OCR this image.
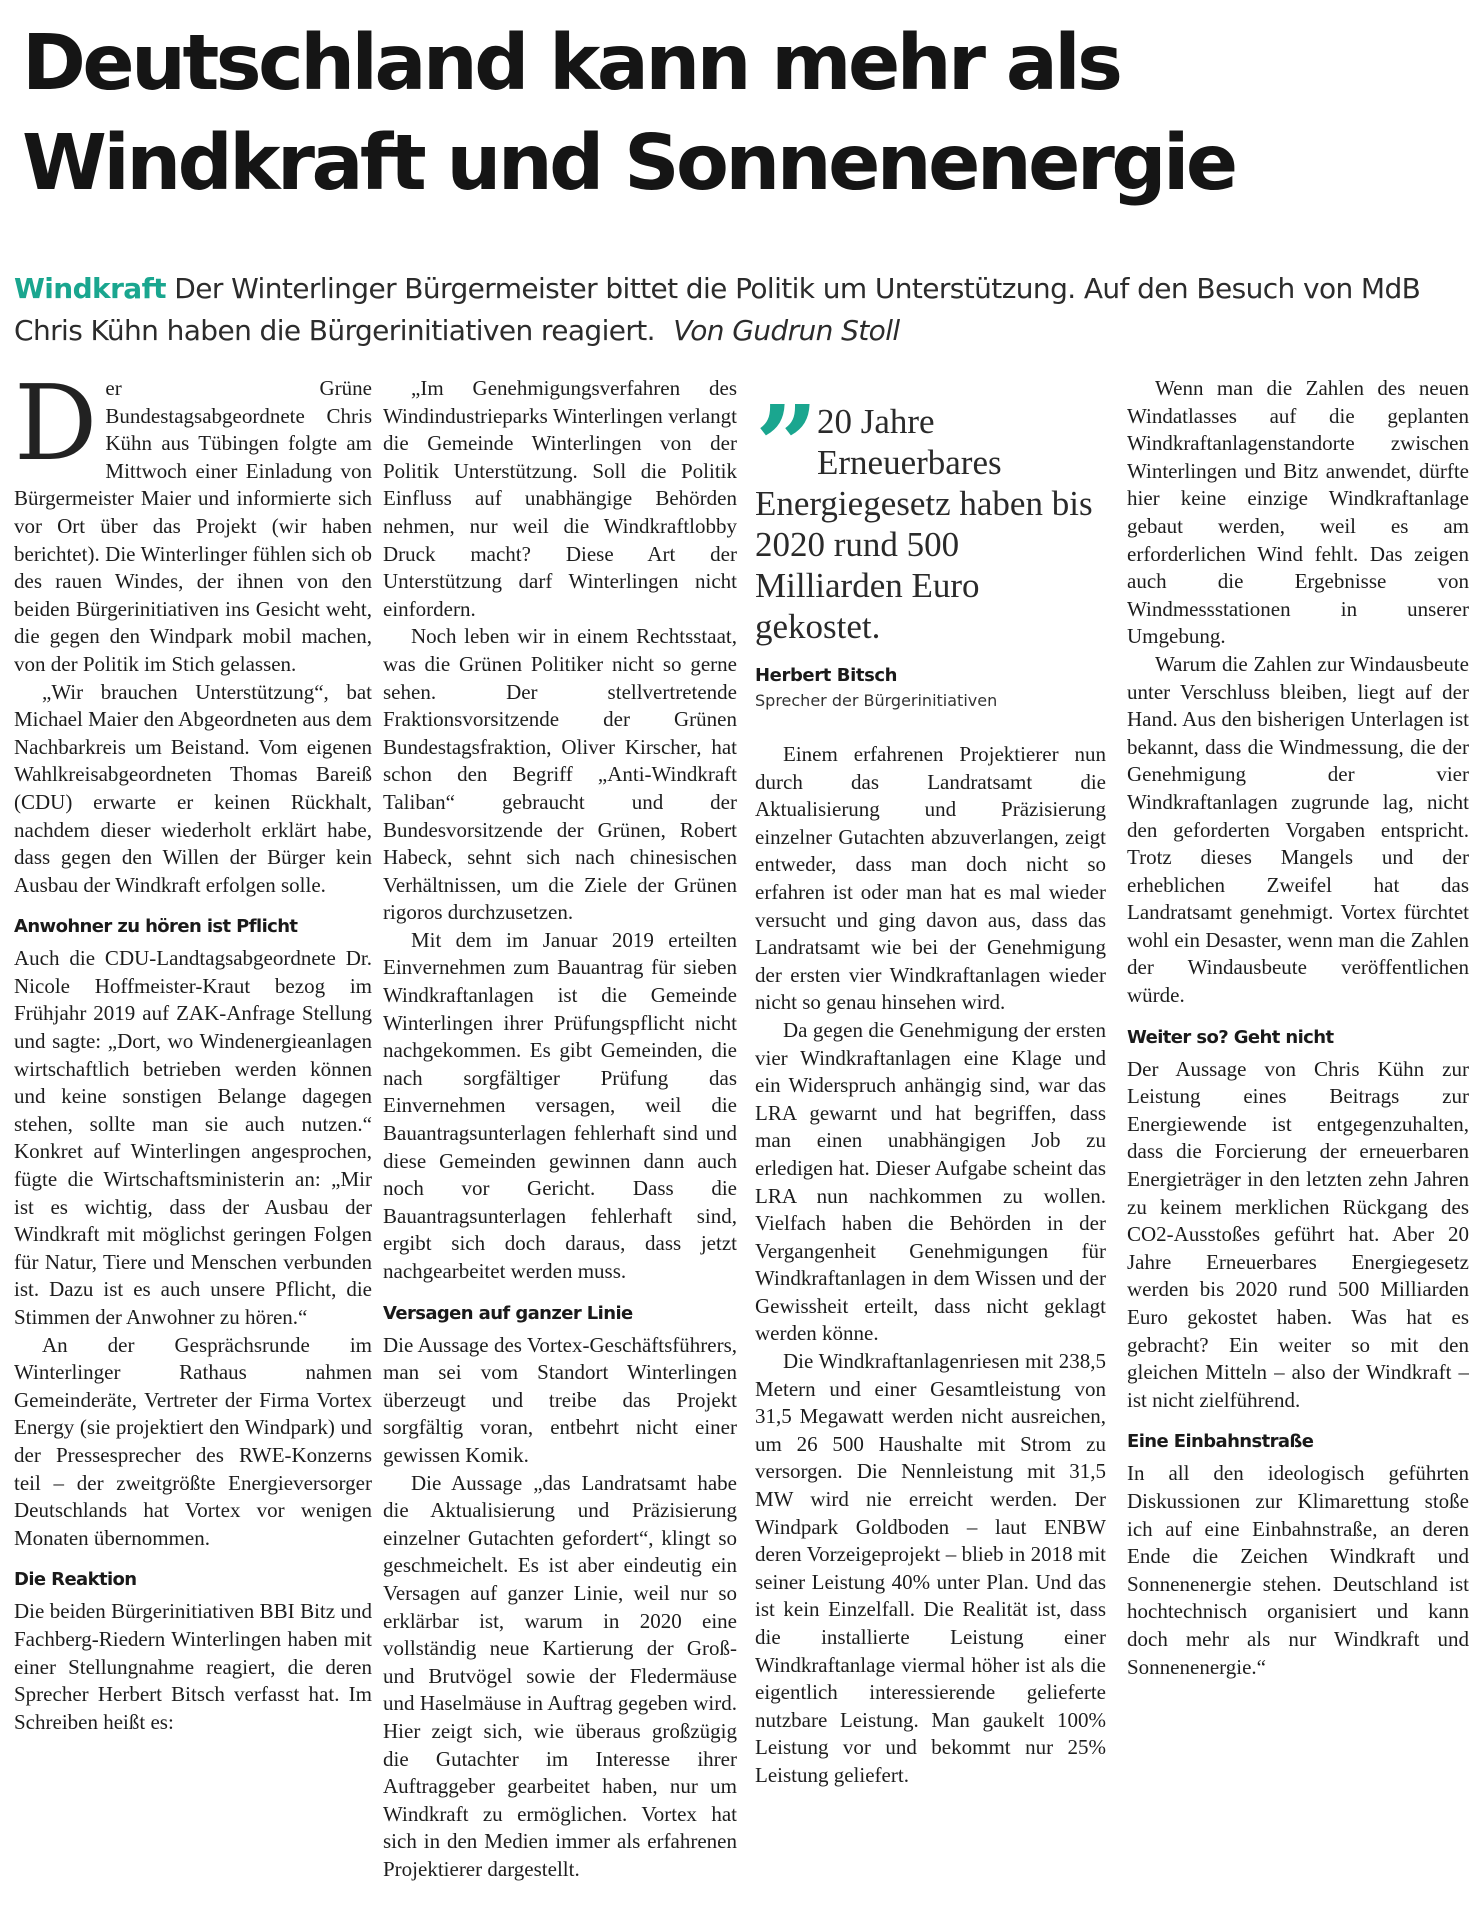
Deutschland kann mehr als Windkraft und Sonnenenergie
Windkraft Der Winterlinger Bürgermeister bittet die Politik um Unterstützung. Auf den Besuch von MdB Chris Kühn haben die Bürgerinitiativen reagiert. Von Gudrun Stoll

Der Grüne Bundestagsabgeordnete Chris Kühn aus Tübingen folgte am Mittwoch einer Einladung von Bürgermeister Maier und informierte sich vor Ort über das Projekt (wir haben berichtet). Die Winterlinger fühlen sich ob des rauen Windes, der ihnen von den beiden Bürgerinitiativen ins Gesicht weht, die gegen den Windpark mobil machen, von der Politik im Stich gelassen.

„Wir brauchen Unterstützung“, bat Michael Maier den Abgeordneten aus dem Nachbarkreis um Beistand. Vom eigenen Wahlkreisabgeordneten Thomas Bareiß (CDU) erwarte er keinen Rückhalt, nachdem dieser wiederholt erklärt habe, dass gegen den Willen der Bürger kein Ausbau der Windkraft erfolgen solle.

Anwohner zu hören ist Pflicht

Auch die CDU-Landtagsabgeordnete Dr. Nicole Hoffmeister-Kraut bezog im Frühjahr 2019 auf ZAK-Anfrage Stellung und sagte: „Dort, wo Windenergieanlagen wirtschaftlich betrieben werden können und keine sonstigen Belange dagegen stehen, sollte man sie auch nutzen.“ Konkret auf Winterlingen angesprochen, fügte die Wirtschaftsministerin an: „Mir ist es wichtig, dass der Ausbau der Windkraft mit möglichst geringen Folgen für Natur, Tiere und Menschen verbunden ist. Dazu ist es auch unsere Pflicht, die Stimmen der Anwohner zu hören.“

An der Gesprächsrunde im Winterlinger Rathaus nahmen Gemeinderäte, Vertreter der Firma Vortex Energy (sie projektiert den Windpark) und der Pressesprecher des RWE-Konzerns teil – der zweitgrößte Energieversorger Deutschlands hat Vortex vor wenigen Monaten übernommen.

Die Reaktion

Die beiden Bürgerinitiativen BBI Bitz und Fachberg-Riedern Winterlingen haben mit einer Stellungnahme reagiert, die deren Sprecher Herbert Bitsch verfasst hat. Im Schreiben heißt es:

„Im Genehmigungsverfahren des Windindustrieparks Winterlingen verlangt die Gemeinde Winterlingen von der Politik Unterstützung. Soll die Politik Einfluss auf unabhängige Behörden nehmen, nur weil die Windkraftlobby Druck macht? Diese Art der Unterstützung darf Winterlingen nicht einfordern.

Noch leben wir in einem Rechtsstaat, was die Grünen Politiker nicht so gerne sehen. Der stellvertretende Fraktionsvorsitzende der Grünen Bundestagsfraktion, Oliver Kirscher, hat schon den Begriff „Anti-Windkraft Taliban“ gebraucht und der Bundesvorsitzende der Grünen, Robert Habeck, sehnt sich nach chinesischen Verhältnissen, um die Ziele der Grünen rigoros durchzusetzen.

Mit dem im Januar 2019 erteilten Einvernehmen zum Bauantrag für sieben Windkraftanlagen ist die Gemeinde Winterlingen ihrer Prüfungspflicht nicht nachgekommen. Es gibt Gemeinden, die nach sorgfältiger Prüfung das Einvernehmen versagen, weil die Bauantragsunterlagen fehlerhaft sind und diese Gemeinden gewinnen dann auch noch vor Gericht. Dass die Bauantragsunterlagen fehlerhaft sind, ergibt sich doch daraus, dass jetzt nachgearbeitet werden muss.

Versagen auf ganzer Linie

Die Aussage des Vortex-Geschäftsführers, man sei vom Standort Winterlingen überzeugt und treibe das Projekt sorgfältig voran, entbehrt nicht einer gewissen Komik.

Die Aussage „das Landratsamt habe die Aktualisierung und Präzisierung einzelner Gutachten gefordert“, klingt so geschmeichelt. Es ist aber eindeutig ein Versagen auf ganzer Linie, weil nur so erklärbar ist, warum in 2020 eine vollständig neue Kartierung der Groß- und Brutvögel sowie der Fledermäuse und Haselmäuse in Auftrag gegeben wird. Hier zeigt sich, wie überaus großzügig die Gutachter im Interesse ihrer Auftraggeber gearbeitet haben, nur um Windkraft zu ermöglichen. Vortex hat sich in den Medien immer als erfahrenen Projektierer dargestellt.

”
20 Jahre Erneuerbares Energiegesetz haben bis 2020 rund 500 Milliarden Euro gekostet.
Herbert Bitsch
Sprecher der Bürgerinitiativen

Einem erfahrenen Projektierer nun durch das Landratsamt die Aktualisierung und Präzisierung einzelner Gutachten abzuverlangen, zeigt entweder, dass man doch nicht so erfahren ist oder man hat es mal wieder versucht und ging davon aus, dass das Landratsamt wie bei der Genehmigung der ersten vier Windkraftanlagen wieder nicht so genau hinsehen wird.

Da gegen die Genehmigung der ersten vier Windkraftanlagen eine Klage und ein Widerspruch anhängig sind, war das LRA gewarnt und hat begriffen, dass man einen unabhängigen Job zu erledigen hat. Dieser Aufgabe scheint das LRA nun nachkommen zu wollen. Vielfach haben die Behörden in der Vergangenheit Genehmigungen für Windkraftanlagen in dem Wissen und der Gewissheit erteilt, dass nicht geklagt werden könne.

Die Windkraftanlagenriesen mit 238,5 Metern und einer Gesamtleistung von 31,5 Megawatt werden nicht ausreichen, um 26 500 Haushalte mit Strom zu versorgen. Die Nennleistung mit 31,5 MW wird nie erreicht werden. Der Windpark Goldboden – laut ENBW deren Vorzeigeprojekt – blieb in 2018 mit seiner Leistung 40% unter Plan. Und das ist kein Einzelfall. Die Realität ist, dass die installierte Leistung einer Windkraftanlage viermal höher ist als die eigentlich interessierende gelieferte nutzbare Leistung. Man gaukelt 100% Leistung vor und bekommt nur 25% Leistung geliefert.

Wenn man die Zahlen des neuen Windatlasses auf die geplanten Windkraftanlagenstandorte zwischen Winterlingen und Bitz anwendet, dürfte hier keine einzige Windkraftanlage gebaut werden, weil es am erforderlichen Wind fehlt. Das zeigen auch die Ergebnisse von Windmessstationen in unserer Umgebung.

Warum die Zahlen zur Windausbeute unter Verschluss bleiben, liegt auf der Hand. Aus den bisherigen Unterlagen ist bekannt, dass die Windmessung, die der Genehmigung der vier Windkraftanlagen zugrunde lag, nicht den geforderten Vorgaben entspricht. Trotz dieses Mangels und der erheblichen Zweifel hat das Landratsamt genehmigt. Vortex fürchtet wohl ein Desaster, wenn man die Zahlen der Windausbeute veröffentlichen würde.

Weiter so? Geht nicht

Der Aussage von Chris Kühn zur Leistung eines Beitrags zur Energiewende ist entgegenzuhalten, dass die Forcierung der erneuerbaren Energieträger in den letzten zehn Jahren zu keinem merklichen Rückgang des CO2-Ausstoßes geführt hat. Aber 20 Jahre Erneuerbares Energiegesetz werden bis 2020 rund 500 Milliarden Euro gekostet haben. Was hat es gebracht? Ein weiter so mit den gleichen Mitteln – also der Windkraft – ist nicht zielführend.

Eine Einbahnstraße

In all den ideologisch geführten Diskussionen zur Klimarettung stoße ich auf eine Einbahnstraße, an deren Ende die Zeichen Windkraft und Sonnenenergie stehen. Deutschland ist hochtechnisch organisiert und kann doch mehr als nur Windkraft und Sonnenenergie.“
